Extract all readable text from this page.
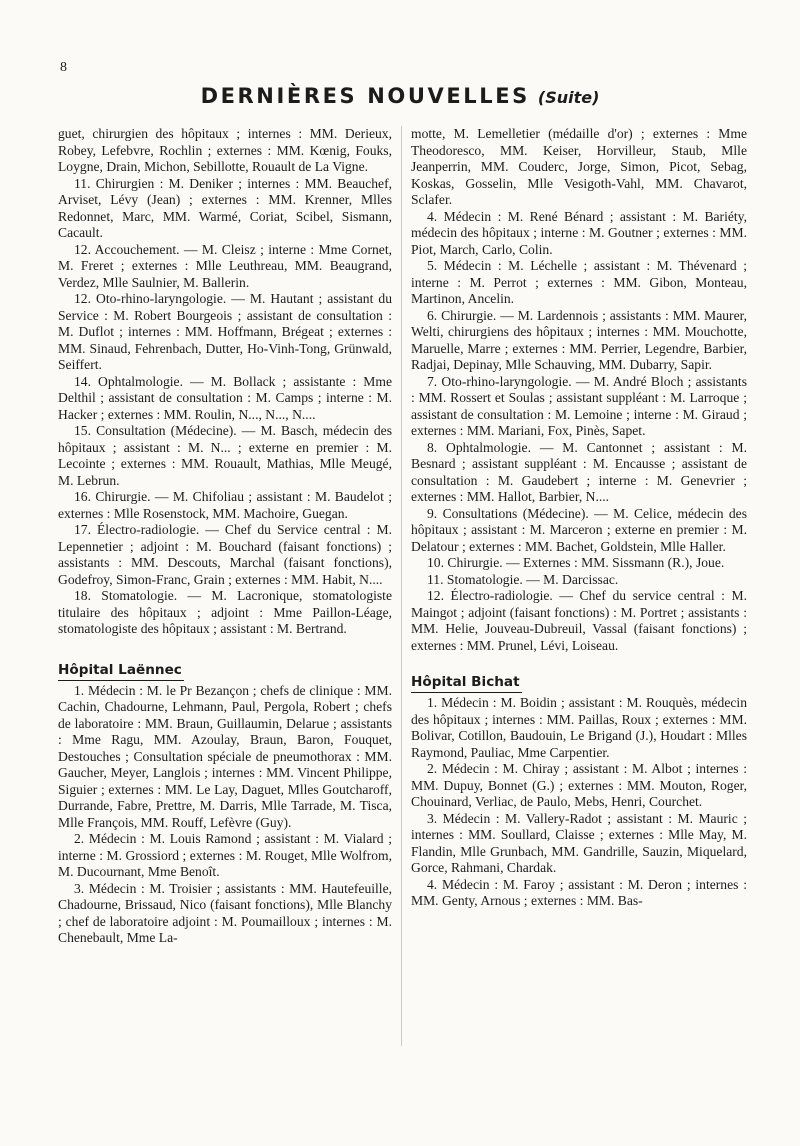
8
DERNIÈRES NOUVELLES (Suite)

guet, chirurgien des hôpitaux ; internes : MM. Derieux, Robey, Lefebvre, Rochlin ; externes : MM. Kœnig, Fouks, Loygne, Drain, Michon, Sebillotte, Rouault de La Vigne.

11. Chirurgien : M. Deniker ; internes : MM. Beauchef, Arviset, Lévy (Jean) ; externes : MM. Krenner, Mlles Redonnet, Marc, MM. Warmé, Coriat, Scibel, Sismann, Cacault.

12. Accouchement. — M. Cleisz ; interne : Mme Cornet, M. Freret ; externes : Mlle Leuthreau, MM. Beaugrand, Verdez, Mlle Saulnier, M. Ballerin.

12. Oto-rhino-laryngologie. — M. Hautant ; assistant du Service : M. Robert Bourgeois ; assistant de consultation : M. Duflot ; internes : MM. Hoffmann, Brégeat ; externes : MM. Sinaud, Fehrenbach, Dutter, Ho-Vinh-Tong, Grünwald, Seiffert.

14. Ophtalmologie. — M. Bollack ; assistante : Mme Delthil ; assistant de consultation : M. Camps ; interne : M. Hacker ; externes : MM. Roulin, N..., N..., N....

15. Consultation (Médecine). — M. Basch, médecin des hôpitaux ; assistant : M. N... ; externe en premier : M. Lecointe ; externes : MM. Rouault, Mathias, Mlle Meugé, M. Lebrun.

16. Chirurgie. — M. Chifoliau ; assistant : M. Baudelot ; externes : Mlle Rosenstock, MM. Machoire, Guegan.

17. Électro-radiologie. — Chef du Service central : M. Lepennetier ; adjoint : M. Bouchard (faisant fonctions) ; assistants : MM. Descouts, Marchal (faisant fonctions), Godefroy, Simon-Franc, Grain ; externes : MM. Habit, N....

18. Stomatologie. — M. Lacronique, stomatologiste titulaire des hôpitaux ; adjoint : Mme Paillon-Léage, stomatologiste des hôpitaux ; assistant : M. Bertrand.

Hôpital Laënnec

1. Médecin : M. le Pr Bezançon ; chefs de clinique : MM. Cachin, Chadourne, Lehmann, Paul, Pergola, Robert ; chefs de laboratoire : MM. Braun, Guillaumin, Delarue ; assistants : Mme Ragu, MM. Azoulay, Braun, Baron, Fouquet, Destouches ; Consultation spéciale de pneumothorax : MM. Gaucher, Meyer, Langlois ; internes : MM. Vincent Philippe, Siguier ; externes : MM. Le Lay, Daguet, Mlles Goutcharoff, Durrande, Fabre, Prettre, M. Darris, Mlle Tarrade, M. Tisca, Mlle François, MM. Rouff, Lefèvre (Guy).

2. Médecin : M. Louis Ramond ; assistant : M. Vialard ; interne : M. Grossiord ; externes : M. Rouget, Mlle Wolfrom, M. Ducournant, Mme Benoît.

3. Médecin : M. Troisier ; assistants : MM. Hautefeuille, Chadourne, Brissaud, Nico (faisant fonctions), Mlle Blanchy ; chef de laboratoire adjoint : M. Poumailloux ; internes : M. Chenebault, Mme La-

motte, M. Lemelletier (médaille d'or) ; externes : Mme Theodoresco, MM. Keiser, Horvilleur, Staub, Mlle Jeanperrin, MM. Couderc, Jorge, Simon, Picot, Sebag, Koskas, Gosselin, Mlle Vesigoth-Vahl, MM. Chavarot, Sclafer.

4. Médecin : M. René Bénard ; assistant : M. Bariéty, médecin des hôpitaux ; interne : M. Goutner ; externes : MM. Piot, March, Carlo, Colin.

5. Médecin : M. Léchelle ; assistant : M. Thévenard ; interne : M. Perrot ; externes : MM. Gibon, Monteau, Martinon, Ancelin.

6. Chirurgie. — M. Lardennois ; assistants : MM. Maurer, Welti, chirurgiens des hôpitaux ; internes : MM. Mouchotte, Maruelle, Marre ; externes : MM. Perrier, Legendre, Barbier, Radjai, Depinay, Mlle Schauving, MM. Dubarry, Sapir.

7. Oto-rhino-laryngologie. — M. André Bloch ; assistants : MM. Rossert et Soulas ; assistant suppléant : M. Larroque ; assistant de consultation : M. Lemoine ; interne : M. Giraud ; externes : MM. Mariani, Fox, Pinès, Sapet.

8. Ophtalmologie. — M. Cantonnet ; assistant : M. Besnard ; assistant suppléant : M. Encausse ; assistant de consultation : M. Gaudebert ; interne : M. Genevrier ; externes : MM. Hallot, Barbier, N....

9. Consultations (Médecine). — M. Celice, médecin des hôpitaux ; assistant : M. Marceron ; externe en premier : M. Delatour ; externes : MM. Bachet, Goldstein, Mlle Haller.

10. Chirurgie. — Externes : MM. Sissmann (R.), Joue.

11. Stomatologie. — M. Darcissac.

12. Électro-radiologie. — Chef du service central : M. Maingot ; adjoint (faisant fonctions) : M. Portret ; assistants : MM. Helie, Jouveau-Dubreuil, Vassal (faisant fonctions) ; externes : MM. Prunel, Lévi, Loiseau.

Hôpital Bichat

1. Médecin : M. Boidin ; assistant : M. Rouquès, médecin des hôpitaux ; internes : MM. Paillas, Roux ; externes : MM. Bolivar, Cotillon, Baudouin, Le Brigand (J.), Houdart : Mlles Raymond, Pauliac, Mme Carpentier.

2. Médecin : M. Chiray ; assistant : M. Albot ; internes : MM. Dupuy, Bonnet (G.) ; externes : MM. Mouton, Roger, Chouinard, Verliac, de Paulo, Mebs, Henri, Courchet.

3. Médecin : M. Vallery-Radot ; assistant : M. Mauric ; internes : MM. Soullard, Claisse ; externes : Mlle May, M. Flandin, Mlle Grunbach, MM. Gandrille, Sauzin, Miquelard, Gorce, Rahmani, Chardak.

4. Médecin : M. Faroy ; assistant : M. Deron ; internes : MM. Genty, Arnous ; externes : MM. Bas-
